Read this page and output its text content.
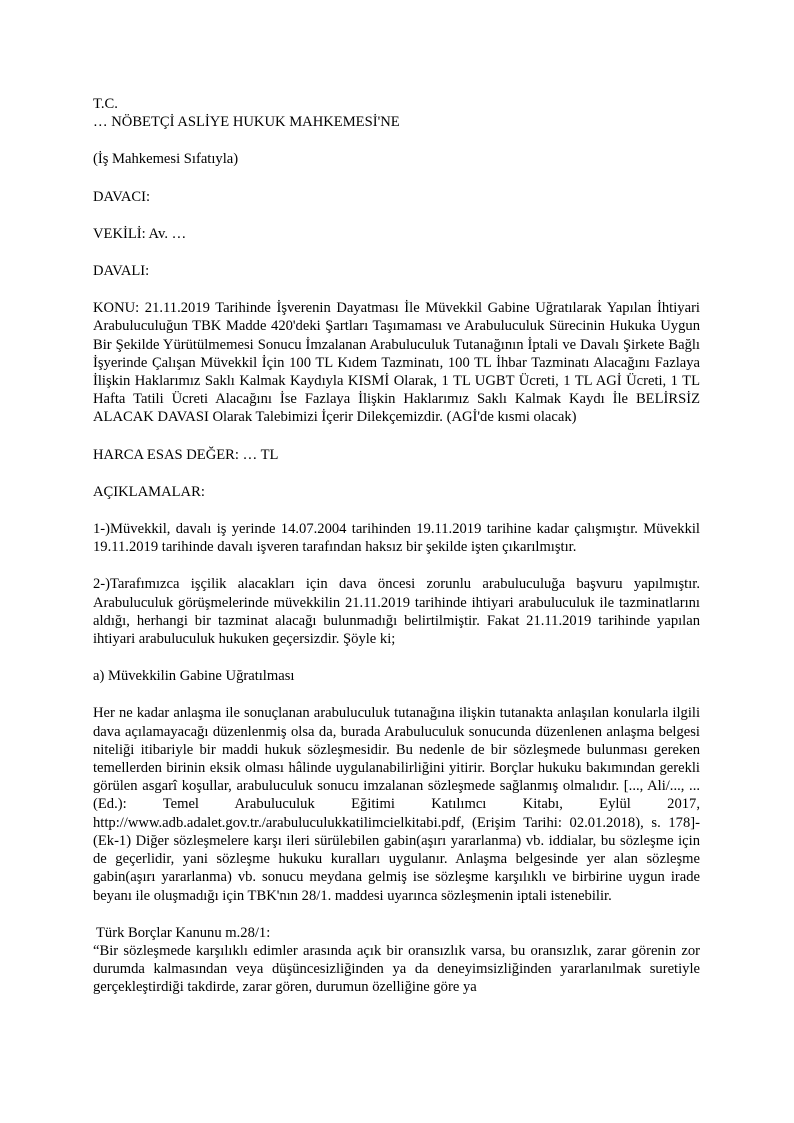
T.C.

… NÖBETÇİ ASLİYE HUKUK MAHKEMESİ'NE

(İş Mahkemesi Sıfatıyla)

DAVACI:

VEKİLİ: Av. …

DAVALI:

KONU: 21.11.2019 Tarihinde İşverenin Dayatması İle Müvekkil Gabine Uğratılarak Yapılan İhtiyari Arabuluculuğun TBK Madde 420'deki Şartları Taşımaması ve Arabuluculuk Sürecinin Hukuka Uygun Bir Şekilde Yürütülmemesi Sonucu İmzalanan Arabuluculuk Tutanağının İptali ve Davalı Şirkete Bağlı İşyerinde Çalışan Müvekkil İçin 100 TL Kıdem Tazminatı, 100 TL İhbar Tazminatı Alacağını Fazlaya İlişkin Haklarımız Saklı Kalmak Kaydıyla KISMİ Olarak, 1 TL UGBT Ücreti, 1 TL AGİ Ücreti, 1 TL Hafta Tatili Ücreti Alacağını İse Fazlaya İlişkin Haklarımız Saklı Kalmak Kaydı İle BELİRSİZ ALACAK DAVASI Olarak Talebimizi İçerir Dilekçemizdir. (AGİ'de kısmi olacak)

HARCA ESAS DEĞER: … TL

AÇIKLAMALAR:

1-)Müvekkil, davalı iş yerinde 14.07.2004 tarihinden 19.11.2019 tarihine kadar çalışmıştır. Müvekkil 19.11.2019 tarihinde davalı işveren tarafından haksız bir şekilde işten çıkarılmıştır.

2-)Tarafımızca işçilik alacakları için dava öncesi zorunlu arabuluculuğa başvuru yapılmıştır. Arabuluculuk görüşmelerinde müvekkilin 21.11.2019 tarihinde ihtiyari arabuluculuk ile tazminatlarını aldığı, herhangi bir tazminat alacağı bulunmadığı belirtilmiştir. Fakat 21.11.2019 tarihinde yapılan ihtiyari arabuluculuk hukuken geçersizdir. Şöyle ki;

a) Müvekkilin Gabine Uğratılması

Her ne kadar anlaşma ile sonuçlanan arabuluculuk tutanağına ilişkin tutanakta anlaşılan konularla ilgili dava açılamayacağı düzenlenmiş olsa da, burada Arabuluculuk sonucunda düzenlenen anlaşma belgesi niteliği itibariyle bir maddi hukuk sözleşmesidir. Bu nedenle de bir sözleşmede bulunması gereken temellerden birinin eksik olması hâlinde uygulanabilirliğini yitirir. Borçlar hukuku bakımından gerekli görülen asgarî koşullar, arabuluculuk sonucu imzalanan sözleşmede sağlanmış olmalıdır. [..., Ali/..., ... (Ed.): Temel Arabuluculuk Eğitimi Katılımcı Kitabı, Eylül 2017, http://www.adb.adalet.gov.tr./arabuluculukkatilimcielkitabi.pdf, (Erişim Tarihi: 02.01.2018), s. 178]-(Ek-1) Diğer sözleşmelere karşı ileri sürülebilen gabin(aşırı yararlanma) vb. iddialar, bu sözleşme için de geçerlidir, yani sözleşme hukuku kuralları uygulanır. Anlaşma belgesinde yer alan sözleşme gabin(aşırı yararlanma) vb. sonucu meydana gelmiş ise sözleşme karşılıklı ve birbirine uygun irade beyanı ile oluşmadığı için TBK'nın 28/1. maddesi uyarınca sözleşmenin iptali istenebilir.

Türk Borçlar Kanunu m.28/1:

“Bir sözleşmede karşılıklı edimler arasında açık bir oransızlık varsa, bu oransızlık, zarar görenin zor durumda kalmasından veya düşüncesizliğinden ya da deneyimsizliğinden yararlanılmak suretiyle gerçekleştirdiği takdirde, zarar gören, durumun özelliğine göre ya
